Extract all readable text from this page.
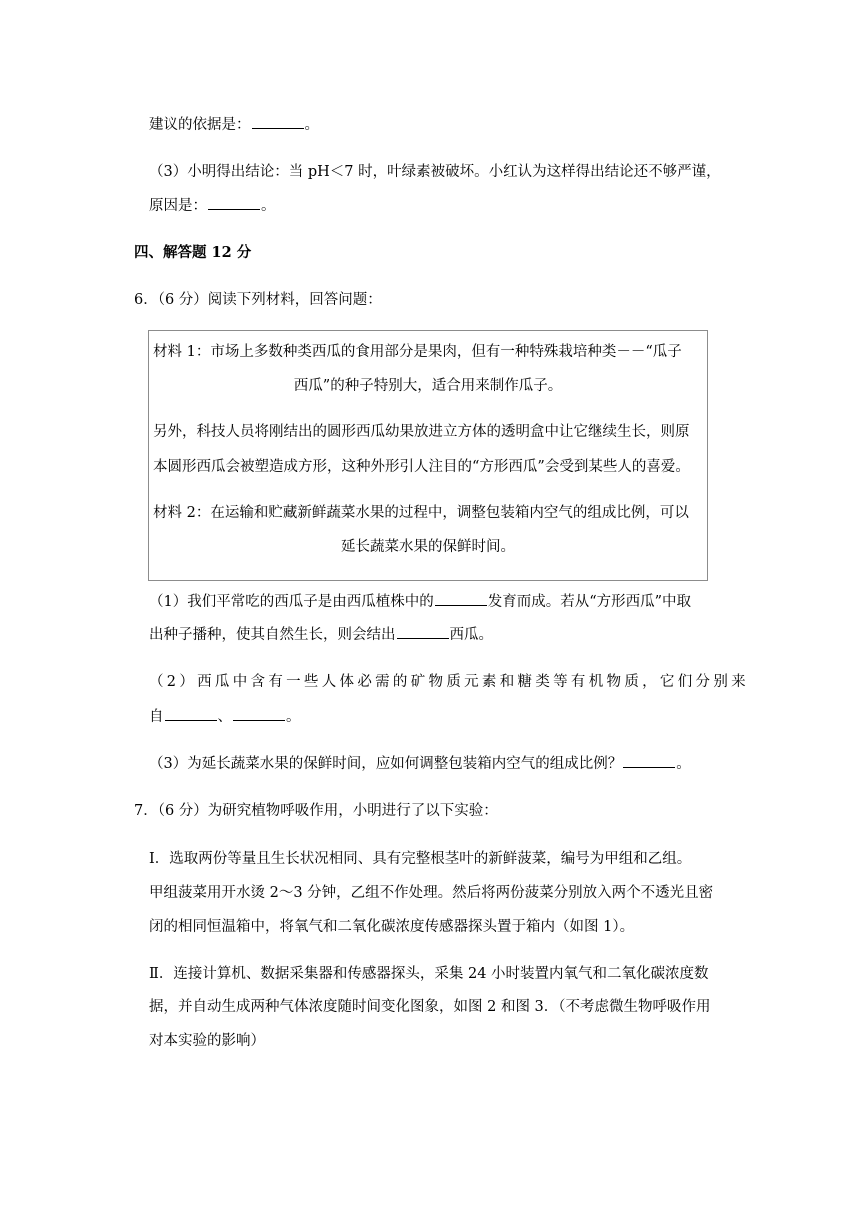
建议的依据是：	。
（3）小明得出结论：当 pH＜7 时，叶绿素被破坏。小红认为这样得出结论还不够严谨，
原因是：	。
四、解答题 12 分
6．（6 分）阅读下列材料，回答问题：
材料 1：市场上多数种类西瓜的食用部分是果肉，但有一种特殊栽培种类－－“瓜子
西瓜”的种子特别大，适合用来制作瓜子。
另外，科技人员将刚结出的圆形西瓜幼果放进立方体的透明盒中让它继续生长，则原
本圆形西瓜会被塑造成方形，这种外形引人注目的“方形西瓜”会受到某些人的喜爱。
材料 2：在运输和贮藏新鲜蔬菜水果的过程中，调整包装箱内空气的组成比例，可以
延长蔬菜水果的保鲜时间。
（1）我们平常吃的西瓜子是由西瓜植株中的	发育而成。若从“方形西瓜”中取
出种子播种，使其自然生长，则会结出	西瓜。
（2）西瓜中含有一些人体必需的矿物质元素和糖类等有机物质，它们分别来
自	、	。
（3）为延长蔬菜水果的保鲜时间，应如何调整包装箱内空气的组成比例？	。
7．（6 分）为研究植物呼吸作用，小明进行了以下实验：
Ⅰ．选取两份等量且生长状况相同、具有完整根茎叶的新鲜菠菜，编号为甲组和乙组。
甲组菠菜用开水烫 2～3 分钟，乙组不作处理。然后将两份菠菜分别放入两个不透光且密
闭的相同恒温箱中，将氧气和二氧化碳浓度传感器探头置于箱内（如图 1）。
Ⅱ．连接计算机、数据采集器和传感器探头，采集 24 小时装置内氧气和二氧化碳浓度数
据，并自动生成两种气体浓度随时间变化图象，如图 2 和图 3．（不考虑微生物呼吸作用
对本实验的影响）
